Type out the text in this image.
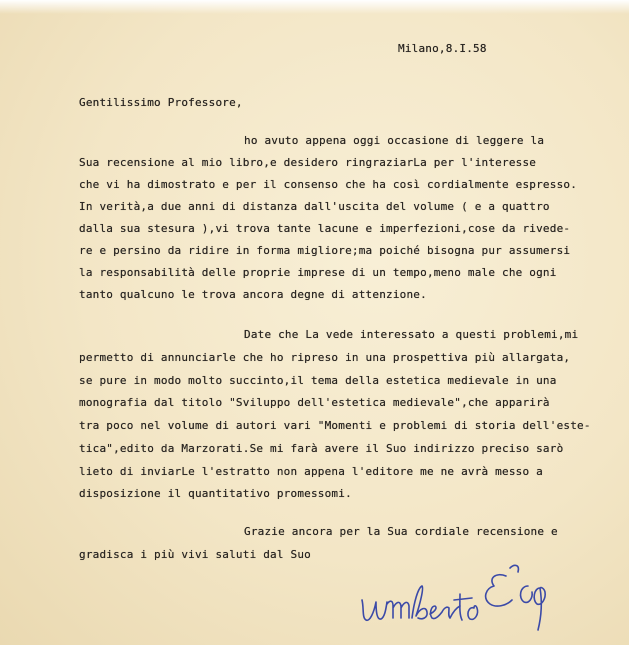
Milano,8.I.58
Gentilissimo Professore,
ho avuto appena oggi occasione di leggere la
Sua recensione al mio libro,e desidero ringraziarLa per l'interesse
che vi ha dimostrato e per il consenso che ha così cordialmente espresso.
In verità,a due anni di distanza dall'uscita del volume ( e a quattro
dalla sua stesura ),vi trova tante lacune e imperfezioni,cose da rivede-
re e persino da ridire in forma migliore;ma poiché bisogna pur assumersi
la responsabilità delle proprie imprese di un tempo,meno male che ogni
tanto qualcuno le trova ancora degne di attenzione.
Date che La vede interessato a questi problemi,mi
permetto di annunciarle che ho ripreso in una prospettiva più allargata,
se pure in modo molto succinto,il tema della estetica medievale in una
monografia dal titolo "Sviluppo dell'estetica medievale",che apparirà
tra poco nel volume di autori vari "Momenti e problemi di storia dell'este-
tica",edito da Marzorati.Se mi farà avere il Suo indirizzo preciso sarò
lieto di inviarLe l'estratto non appena l'editore me ne avrà messo a
disposizione il quantitativo promessomi.
Grazie ancora per la Sua cordiale recensione e
gradisca i più vivi saluti dal Suo
